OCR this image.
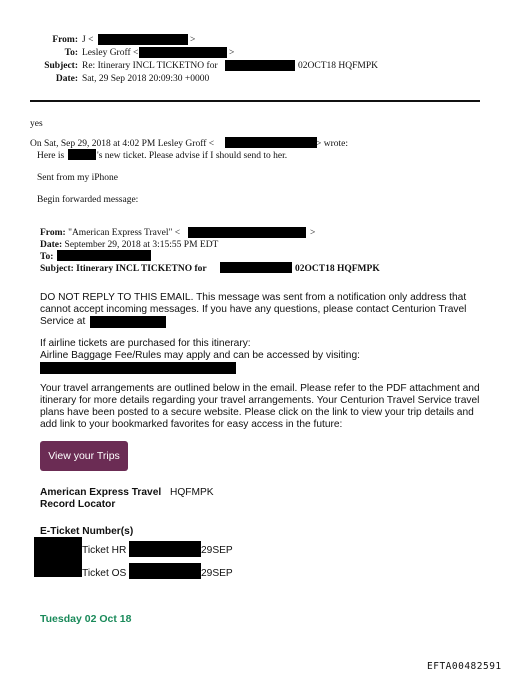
From: J <	>
To: Lesley Groff <	>
Subject: Re: Itinerary INCL TICKETNO for	02OCT18 HQFMPK
Date: Sat, 29 Sep 2018 20:09:30 +0000
yes
On Sat, Sep 29, 2018 at 4:02 PM Lesley Groff <	> wrote:
Here is	's new ticket. Please advise if I should send to her.
Sent from my iPhone
Begin forwarded message:
From: "American Express Travel" <	>
Date: September 29, 2018 at 3:15:55 PM EDT
To:
Subject: Itinerary INCL TICKETNO for	02OCT18 HQFMPK
DO NOT REPLY TO THIS EMAIL. This message was sent from a notification only address that
cannot accept incoming messages. If you have any questions, please contact Centurion Travel
Service at
If airline tickets are purchased for this itinerary:
Airline Baggage Fee/Rules may apply and can be accessed by visiting:
Your travel arrangements are outlined below in the email. Please refer to the PDF attachment and
itinerary for more details regarding your travel arrangements. Your Centurion Travel Service travel
plans have been posted to a secure website. Please click on the link to view your trip details and
add link to your bookmarked favorites for easy access in the future:
View your Trips
American Express Travel HQFMPK
Record Locator
E-Ticket Number(s)
Ticket HR	29SEP
Ticket OS	29SEP
Tuesday 02 Oct 18
EFTA00482591
